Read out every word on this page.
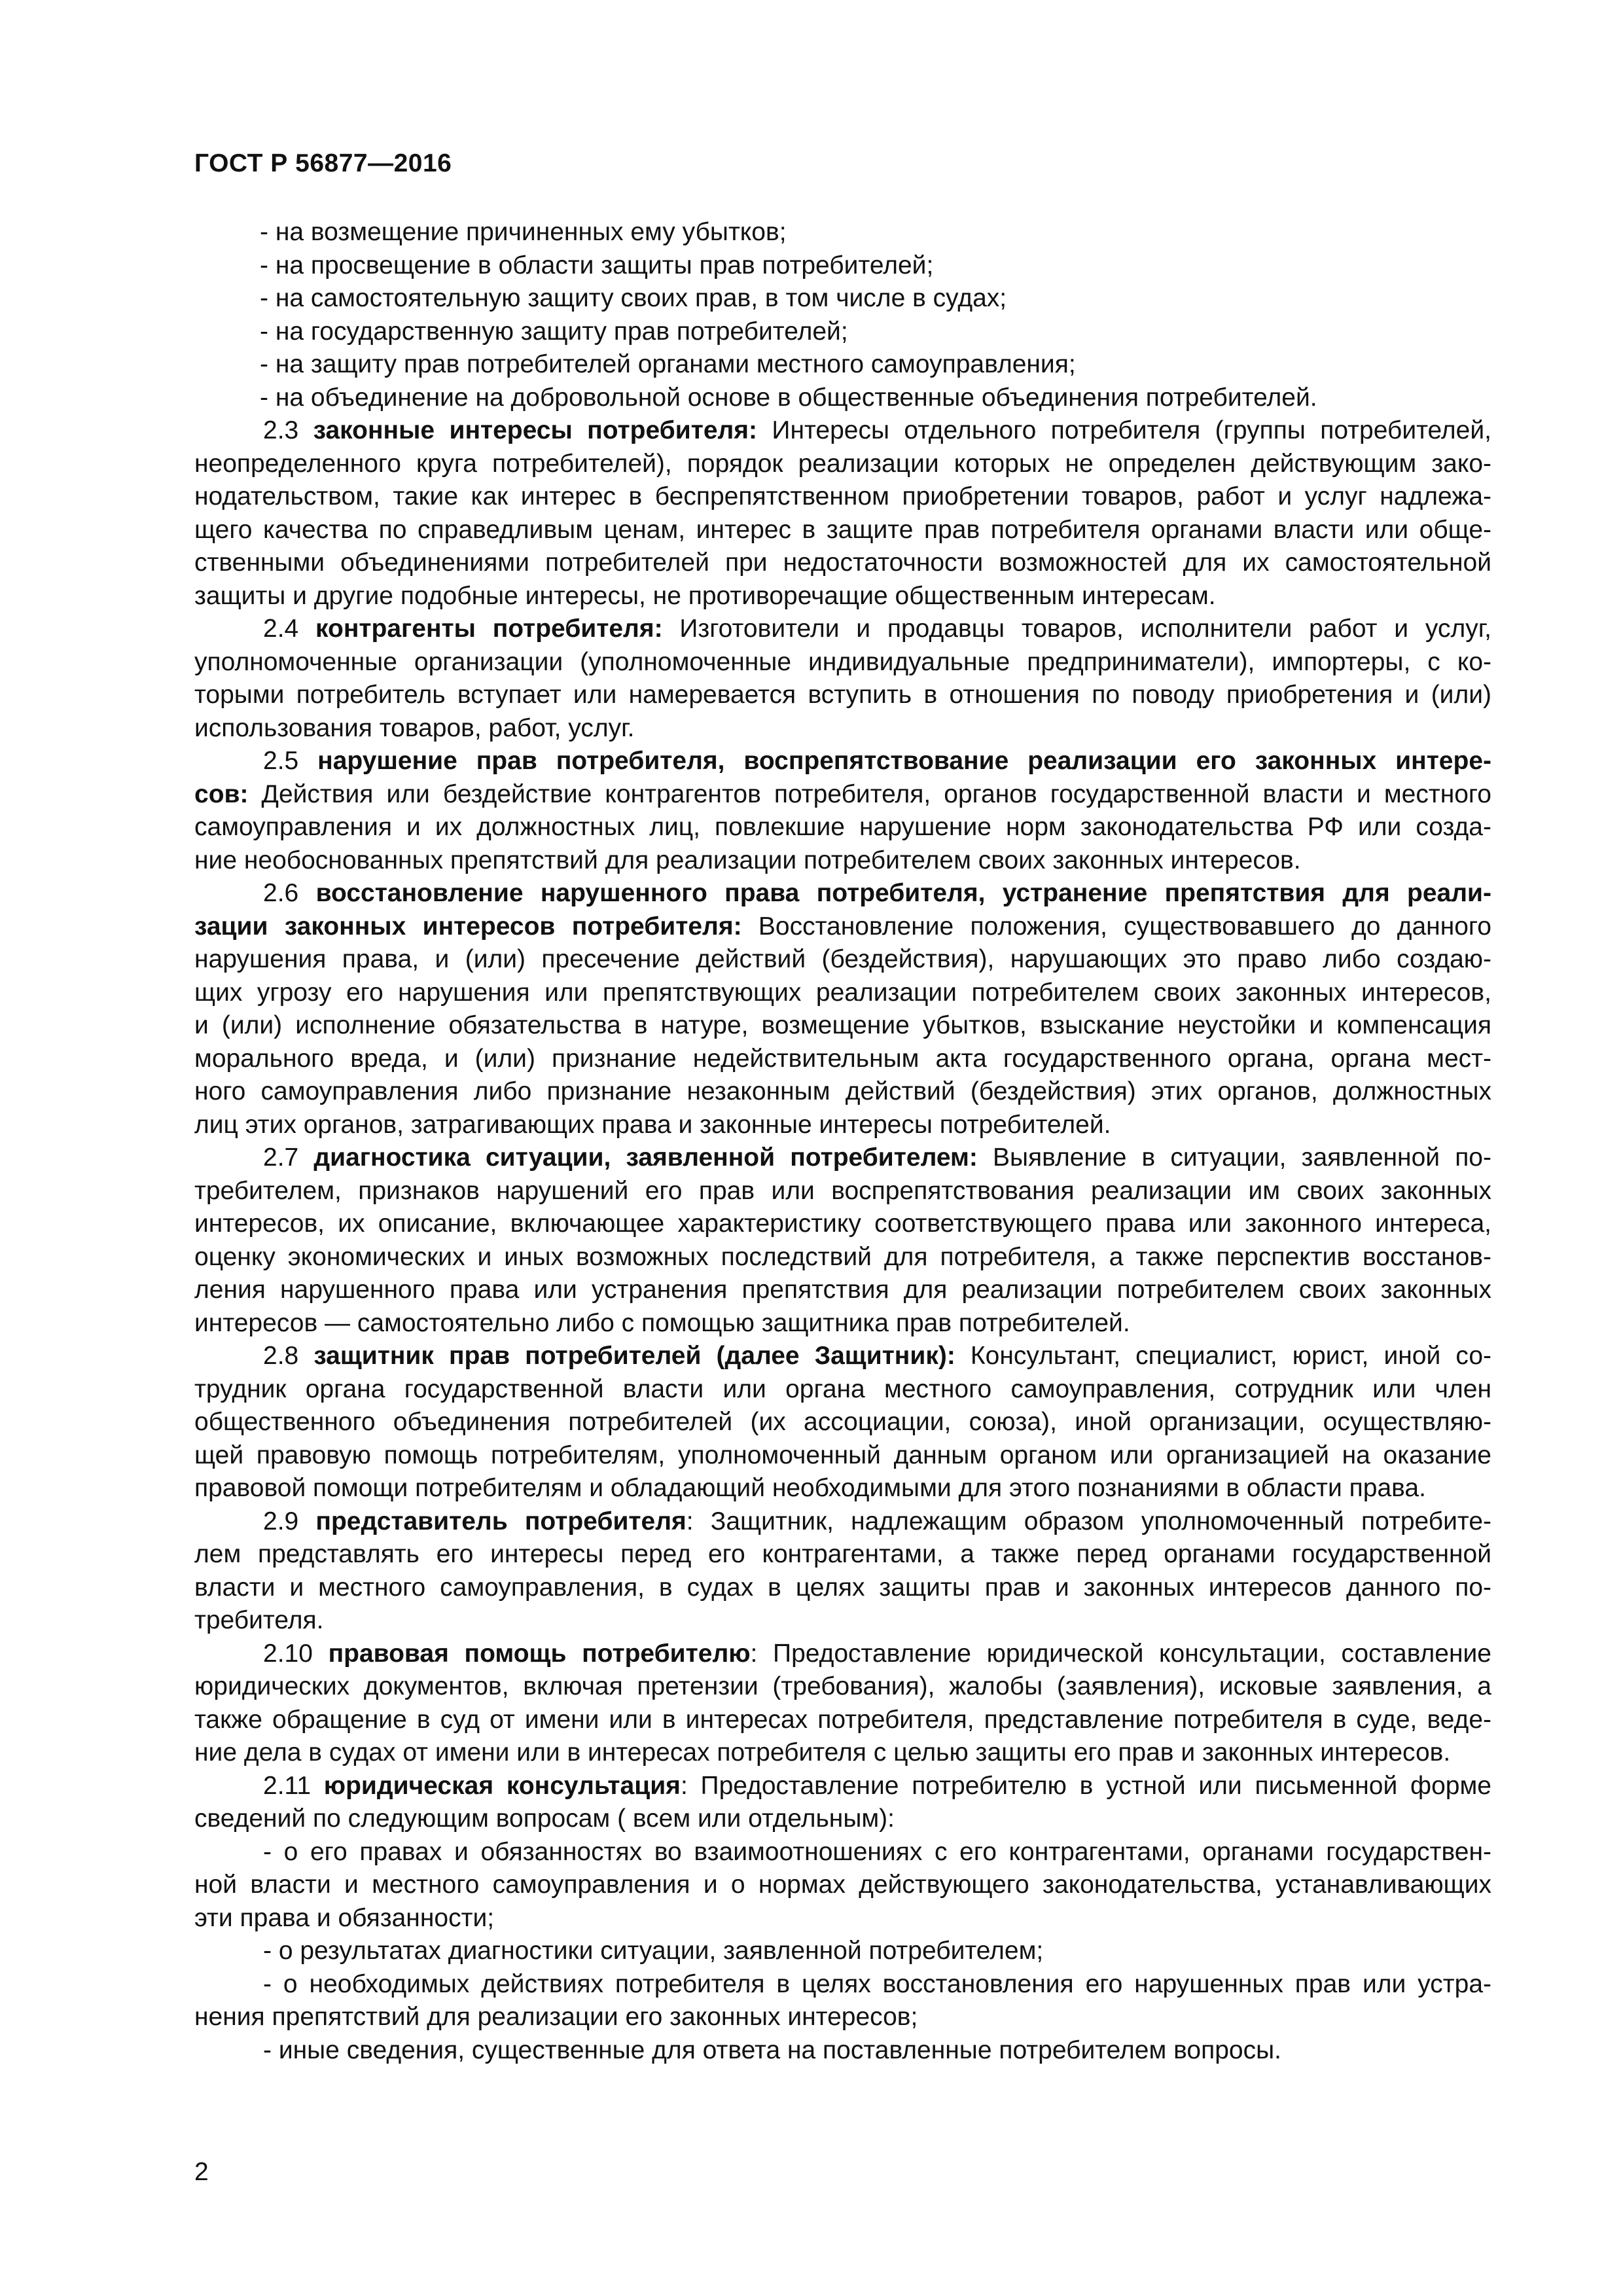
ГОСТ Р 56877—2016
- на возмещение причиненных ему убытков;
- на просвещение в области защиты прав потребителей;
- на самостоятельную защиту своих прав, в том числе в судах;
- на государственную защиту прав потребителей;
- на защиту прав потребителей органами местного самоуправления;
- на объединение на добровольной основе в общественные объединения потребителей.
2.3 законные интересы потребителя: Интересы отдельного потребителя (группы потребителей,
неопределенного круга потребителей), порядок реализации которых не определен действующим зако-
нодательством, такие как интерес в беспрепятственном приобретении товаров, работ и услуг надлежа-
щего качества по справедливым ценам, интерес в защите прав потребителя органами власти или обще-
ственными объединениями потребителей при недостаточности возможностей для их самостоятельной
защиты и другие подобные интересы, не противоречащие общественным интересам.
2.4 контрагенты потребителя: Изготовители и продавцы товаров, исполнители работ и услуг,
уполномоченные организации (уполномоченные индивидуальные предприниматели), импортеры, с ко-
торыми потребитель вступает или намеревается вступить в отношения по поводу приобретения и (или)
использования товаров, работ, услуг.
2.5 нарушение прав потребителя, воспрепятствование реализации его законных интере-
сов: Действия или бездействие контрагентов потребителя, органов государственной власти и местного
самоуправления и их должностных лиц, повлекшие нарушение норм законодательства РФ или созда-
ние необоснованных препятствий для реализации потребителем своих законных интересов.
2.6 восстановление нарушенного права потребителя, устранение препятствия для реали-
зации законных интересов потребителя: Восстановление положения, существовавшего до данного
нарушения права, и (или) пресечение действий (бездействия), нарушающих это право либо создаю-
щих угрозу его нарушения или препятствующих реализации потребителем своих законных интересов,
и (или) исполнение обязательства в натуре, возмещение убытков, взыскание неустойки и компенсация
морального вреда, и (или) признание недействительным акта государственного органа, органа мест-
ного самоуправления либо признание незаконным действий (бездействия) этих органов, должностных
лиц этих органов, затрагивающих права и законные интересы потребителей.
2.7 диагностика ситуации, заявленной потребителем: Выявление в ситуации, заявленной по-
требителем, признаков нарушений его прав или воспрепятствования реализации им своих законных
интересов, их описание, включающее характеристику соответствующего права или законного интереса,
оценку экономических и иных возможных последствий для потребителя, а также перспектив восстанов-
ления нарушенного права или устранения препятствия для реализации потребителем своих законных
интересов — самостоятельно либо с помощью защитника прав потребителей.
2.8 защитник прав потребителей (далее Защитник): Консультант, специалист, юрист, иной со-
трудник органа государственной власти или органа местного самоуправления, сотрудник или член
общественного объединения потребителей (их ассоциации, союза), иной организации, осуществляю-
щей правовую помощь потребителям, уполномоченный данным органом или организацией на оказание
правовой помощи потребителям и обладающий необходимыми для этого познаниями в области права.
2.9 представитель потребителя: Защитник, надлежащим образом уполномоченный потребите-
лем представлять его интересы перед его контрагентами, а также перед органами государственной
власти и местного самоуправления, в судах в целях защиты прав и законных интересов данного по-
требителя.
2.10 правовая помощь потребителю: Предоставление юридической консультации, составление
юридических документов, включая претензии (требования), жалобы (заявления), исковые заявления, а
также обращение в суд от имени или в интересах потребителя, представление потребителя в суде, веде-
ние дела в судах от имени или в интересах потребителя с целью защиты его прав и законных интересов.
2.11 юридическая консультация: Предоставление потребителю в устной или письменной форме
сведений по следующим вопросам ( всем или отдельным):
- о его правах и обязанностях во взаимоотношениях с его контрагентами, органами государствен-
ной власти и местного самоуправления и о нормах действующего законодательства, устанавливающих
эти права и обязанности;
- о результатах диагностики ситуации, заявленной потребителем;
- о необходимых действиях потребителя в целях восстановления его нарушенных прав или устра-
нения препятствий для реализации его законных интересов;
- иные сведения, существенные для ответа на поставленные потребителем вопросы.
2
